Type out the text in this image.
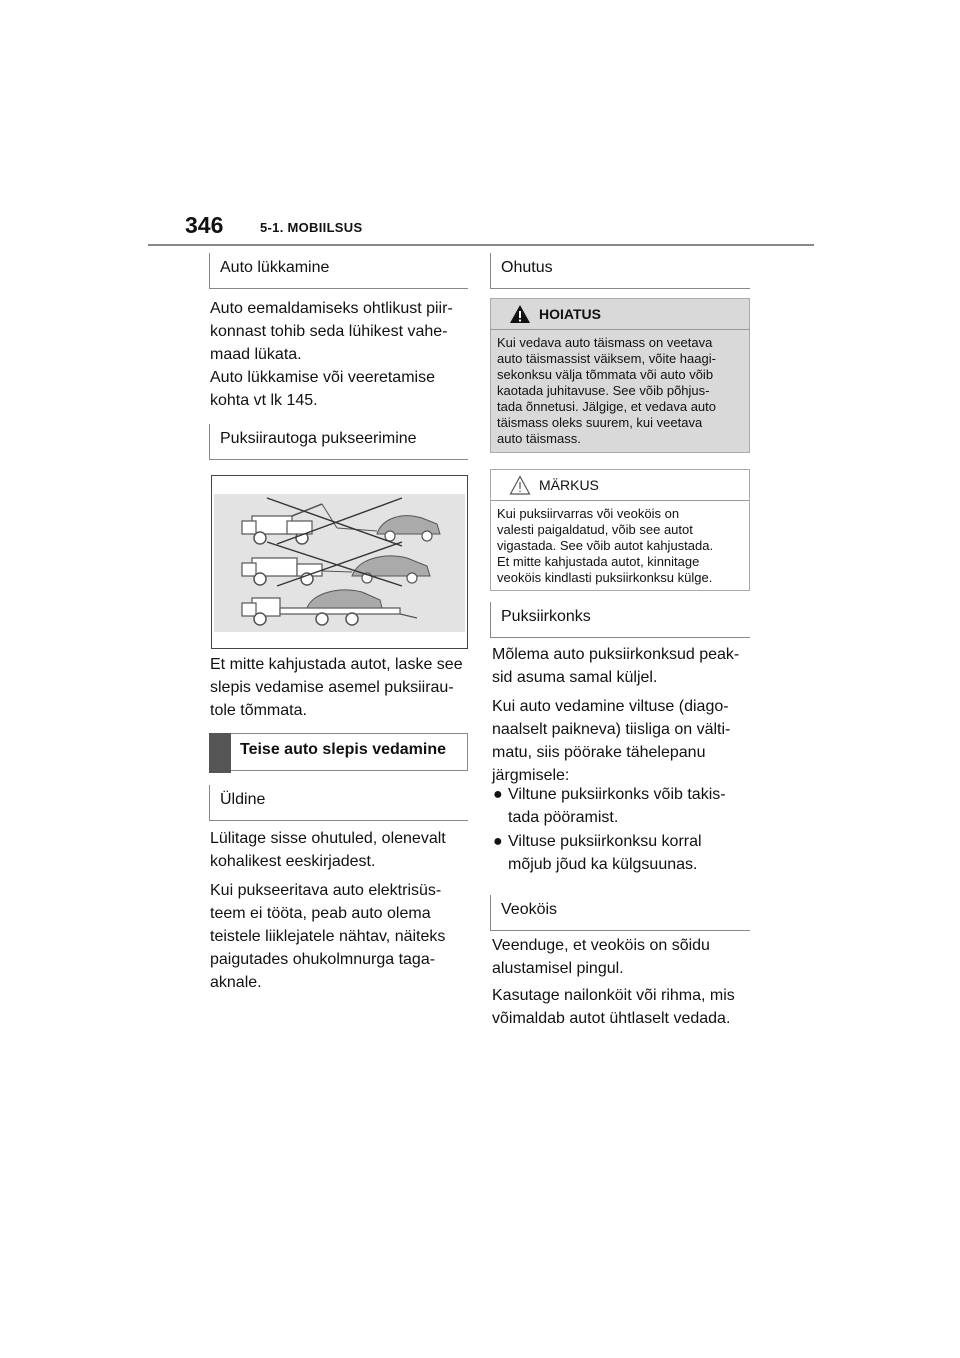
346	5-1. MOBIILSUS
Auto lükkamine
Auto eemaldamiseks ohtlikust piir-
konnast tohib seda lühikest vahe-
maad lükata.
Auto lükkamise või veeretamise
kohta vt lk 145.
Puksiirautoga pukseerimine
Et mitte kahjustada autot, laske see
slepis vedamise asemel puksiirau-
tole tõmmata.
Teise auto slepis vedamine
Üldine
Lülitage sisse ohutuled, olenevalt
kohalikest eeskirjadest.
Kui pukseeritava auto elektrisüs-
teem ei tööta, peab auto olema
teistele liiklejatele nähtav, näiteks
paigutades ohukolmnurga taga-
aknale.
Ohutus
HOIATUS
Kui vedava auto täismass on veetava
auto täismassist väiksem, võite haagi-
sekonksu välja tõmmata või auto võib
kaotada juhitavuse. See võib põhjus-
tada õnnetusi. Jälgige, et vedava auto
täismass oleks suurem, kui veetava
auto täismass.
MÄRKUS
Kui puksiirvarras või veoköis on
valesti paigaldatud, võib see autot
vigastada. See võib autot kahjustada.
Et mitte kahjustada autot, kinnitage
veoköis kindlasti puksiirkonksu külge.
Puksiirkonks
Mõlema auto puksiirkonksud peak-
sid asuma samal küljel.
Kui auto vedamine viltuse (diago-
naalselt paikneva) tiisliga on välti-
matu, siis pöörake tähelepanu
järgmisele:
● Viltune puksiirkonks võib takis-
tada pööramist.
● Viltuse puksiirkonksu korral
mõjub jõud ka külgsuunas.
Veoköis
Veenduge, et veoköis on sõidu
alustamisel pingul.
Kasutage nailonköit või rihma, mis
võimaldab autot ühtlaselt vedada.
